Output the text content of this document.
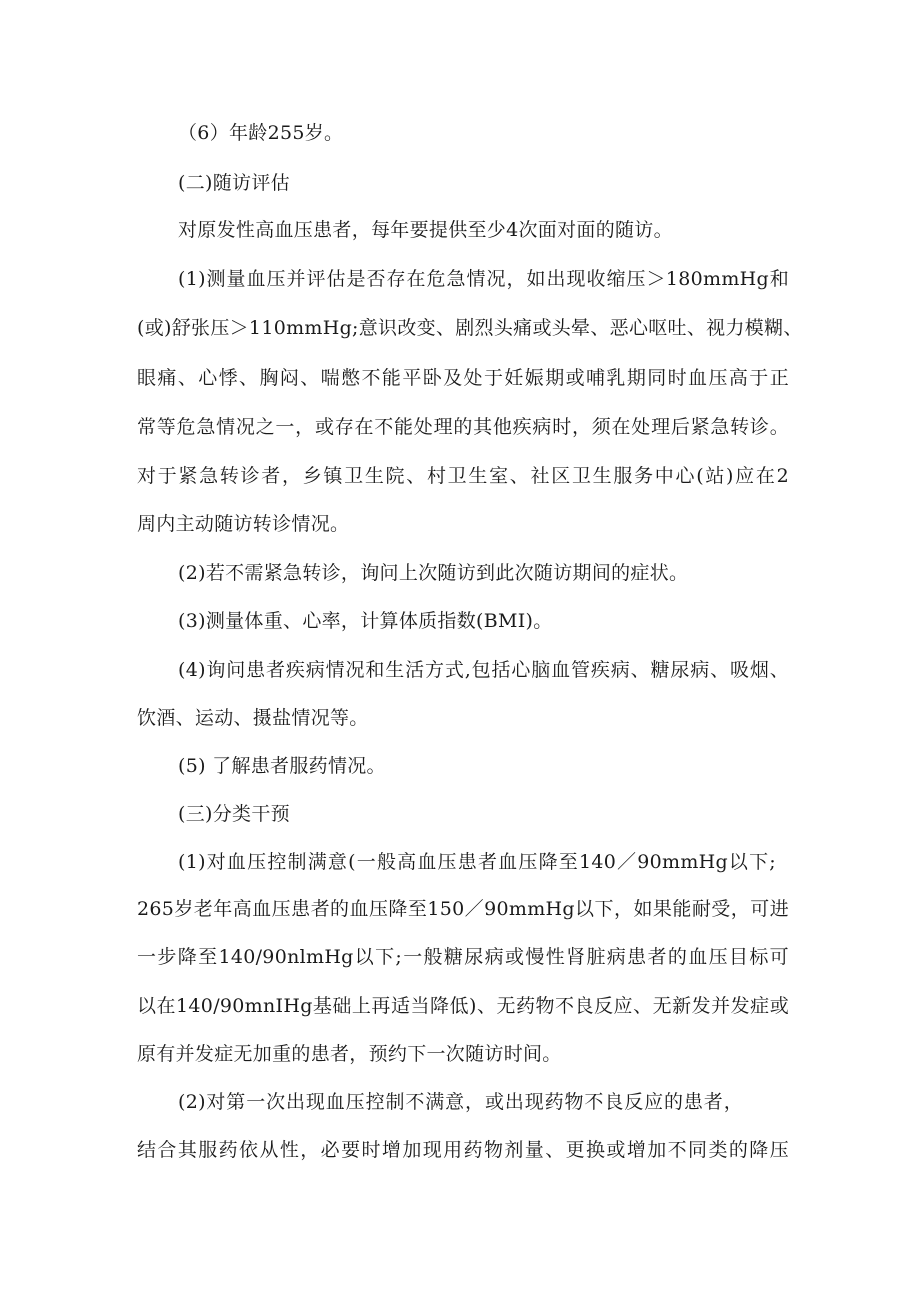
（6）年龄255岁。
(二)随访评估
对原发性高血压患者，每年要提供至少4次面对面的随访。
(1)测量血压并评估是否存在危急情况，如出现收缩压＞180mmHg和
(或)舒张压＞110mmHg;意识改变、剧烈头痛或头晕、恶心呕吐、视力模糊、
眼痛、心悸、胸闷、喘憋不能平卧及处于妊娠期或哺乳期同时血压高于正
常等危急情况之一，或存在不能处理的其他疾病时，须在处理后紧急转诊。
对于紧急转诊者，乡镇卫生院、村卫生室、社区卫生服务中心(站)应在2
周内主动随访转诊情况。
(2)若不需紧急转诊，询问上次随访到此次随访期间的症状。
(3)测量体重、心率，计算体质指数(BMI)。
(4)询问患者疾病情况和生活方式,包括心脑血管疾病、糖尿病、吸烟、
饮酒、运动、摄盐情况等。
(5) 了解患者服药情况。
(三)分类干预
(1)对血压控制满意(一般高血压患者血压降至140／90mmHg以下;
265岁老年高血压患者的血压降至150／90mmHg以下，如果能耐受，可进
一步降至140/90nlmHg以下;一般糖尿病或慢性肾脏病患者的血压目标可
以在140/90mnIHg基础上再适当降低)、无药物不良反应、无新发并发症或
原有并发症无加重的患者，预约下一次随访时间。
(2)对第一次出现血压控制不满意，或出现药物不良反应的患者，
结合其服药依从性，必要时增加现用药物剂量、更换或增加不同类的降压
